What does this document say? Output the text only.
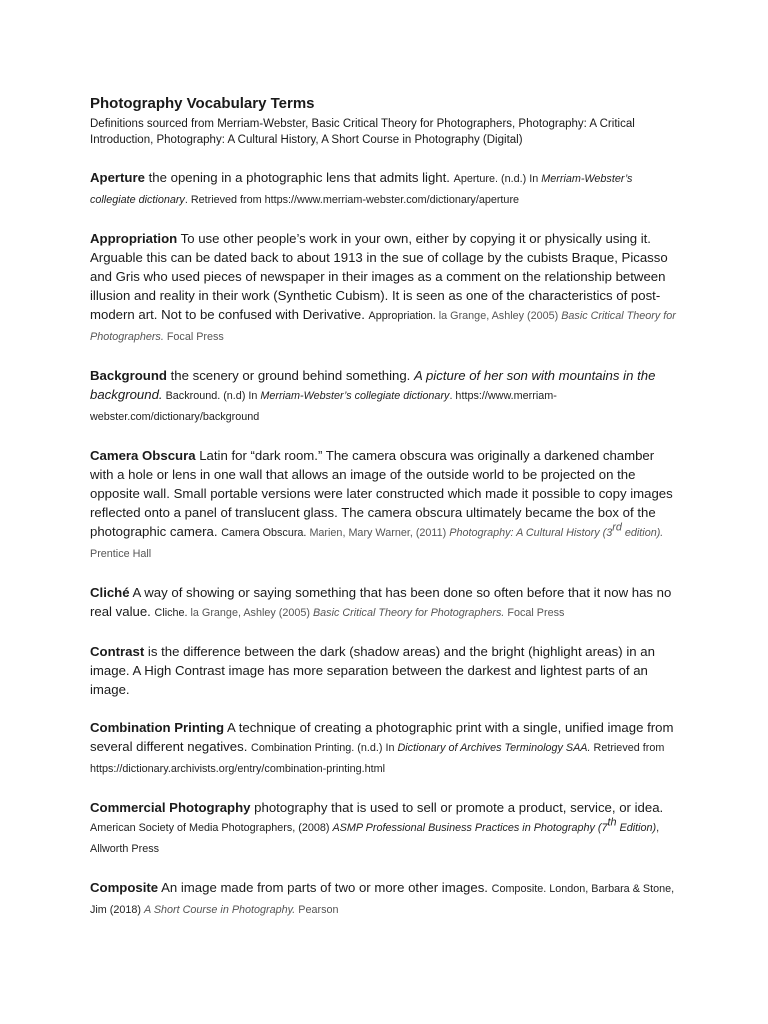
Photography Vocabulary Terms

Definitions sourced from Merriam-Webster, Basic Critical Theory for Photographers, Photography: A Critical Introduction, Photography: A Cultural History, A Short Course in Photography (Digital)

Aperture the opening in a photographic lens that admits light. Aperture. (n.d.) In Merriam-Webster’s collegiate dictionary. Retrieved from https://www.merriam-webster.com/dictionary/aperture

Appropriation To use other people’s work in your own, either by copying it or physically using it. Arguable this can be dated back to about 1913 in the sue of collage by the cubists Braque, Picasso and Gris who used pieces of newspaper in their images as a comment on the relationship between illusion and reality in their work (Synthetic Cubism). It is seen as one of the characteristics of post-modern art. Not to be confused with Derivative. Appropriation. la Grange, Ashley (2005) Basic Critical Theory for Photographers. Focal Press

Background the scenery or ground behind something. A picture of her son with mountains in the background. Backround. (n.d) In Merriam-Webster’s collegiate dictionary. https://www.merriam-webster.com/dictionary/background

Camera Obscura Latin for “dark room.” The camera obscura was originally a darkened chamber with a hole or lens in one wall that allows an image of the outside world to be projected on the opposite wall. Small portable versions were later constructed which made it possible to copy images reflected onto a panel of translucent glass. The camera obscura ultimately became the box of the photographic camera. Camera Obscura. Marien, Mary Warner, (2011) Photography: A Cultural History (3rd edition). Prentice Hall

Cliché A way of showing or saying something that has been done so often before that it now has no real value. Cliche. la Grange, Ashley (2005) Basic Critical Theory for Photographers. Focal Press

Contrast is the difference between the dark (shadow areas) and the bright (highlight areas) in an image. A High Contrast image has more separation between the darkest and lightest parts of an image.

Combination Printing A technique of creating a photographic print with a single, unified image from several different negatives. Combination Printing. (n.d.) In Dictionary of Archives Terminology SAA. Retrieved from https://dictionary.archivists.org/entry/combination-printing.html

Commercial Photography photography that is used to sell or promote a product, service, or idea. American Society of Media Photographers, (2008) ASMP Professional Business Practices in Photography (7th Edition), Allworth Press

Composite An image made from parts of two or more other images. Composite. London, Barbara & Stone, Jim (2018) A Short Course in Photography. Pearson
